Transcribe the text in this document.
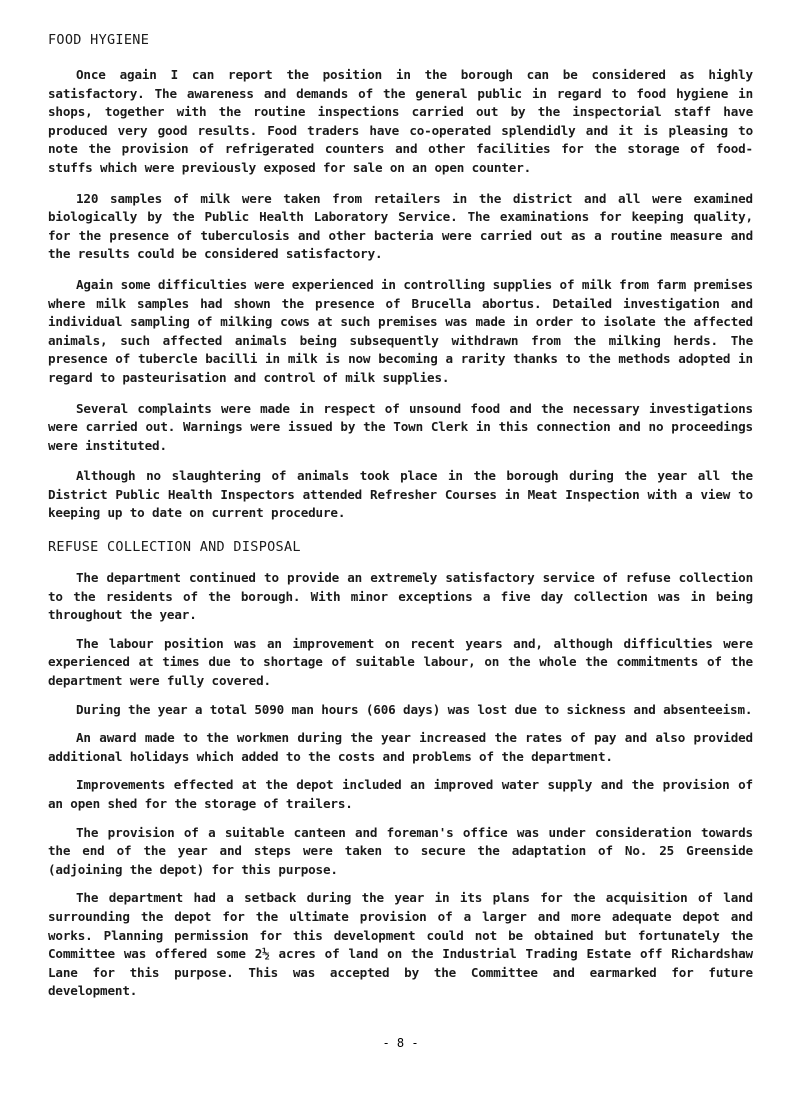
FOOD HYGIENE

Once again I can report the position in the borough can be considered as highly satisfactory. The awareness and demands of the general public in regard to food hygiene in shops, together with the routine inspections carried out by the inspectorial staff have produced very good results. Food traders have co-operated splendidly and it is pleasing to note the provision of refrigerated counters and other facilities for the storage of food-stuffs which were previously exposed for sale on an open counter.

120 samples of milk were taken from retailers in the district and all were examined biologically by the Public Health Laboratory Service. The examinations for keeping quality, for the presence of tuberculosis and other bacteria were carried out as a routine measure and the results could be considered satisfactory.

Again some difficulties were experienced in controlling supplies of milk from farm premises where milk samples had shown the presence of Brucella abortus. Detailed investigation and individual sampling of milking cows at such premises was made in order to isolate the affected animals, such affected animals being subsequently withdrawn from the milking herds. The presence of tubercle bacilli in milk is now becoming a rarity thanks to the methods adopted in regard to pasteurisation and control of milk supplies.

Several complaints were made in respect of unsound food and the necessary investigations were carried out. Warnings were issued by the Town Clerk in this connection and no proceedings were instituted.

Although no slaughtering of animals took place in the borough during the year all the District Public Health Inspectors attended Refresher Courses in Meat Inspection with a view to keeping up to date on current procedure.

REFUSE COLLECTION AND DISPOSAL

The department continued to provide an extremely satisfactory service of refuse collection to the residents of the borough. With minor exceptions a five day collection was in being throughout the year.

The labour position was an improvement on recent years and, although difficulties were experienced at times due to shortage of suitable labour, on the whole the commitments of the department were fully covered.

During the year a total 5090 man hours (606 days) was lost due to sickness and absenteeism.

An award made to the workmen during the year increased the rates of pay and also provided additional holidays which added to the costs and problems of the department.

Improvements effected at the depot included an improved water supply and the provision of an open shed for the storage of trailers.

The provision of a suitable canteen and foreman's office was under consideration towards the end of the year and steps were taken to secure the adaptation of No. 25 Greenside (adjoining the depot) for this purpose.

The department had a setback during the year in its plans for the acquisition of land surrounding the depot for the ultimate provision of a larger and more adequate depot and works. Planning permission for this development could not be obtained but fortunately the Committee was offered some 2½ acres of land on the Industrial Trading Estate off Richardshaw Lane for this purpose. This was accepted by the Committee and earmarked for future development.

- 8 -
